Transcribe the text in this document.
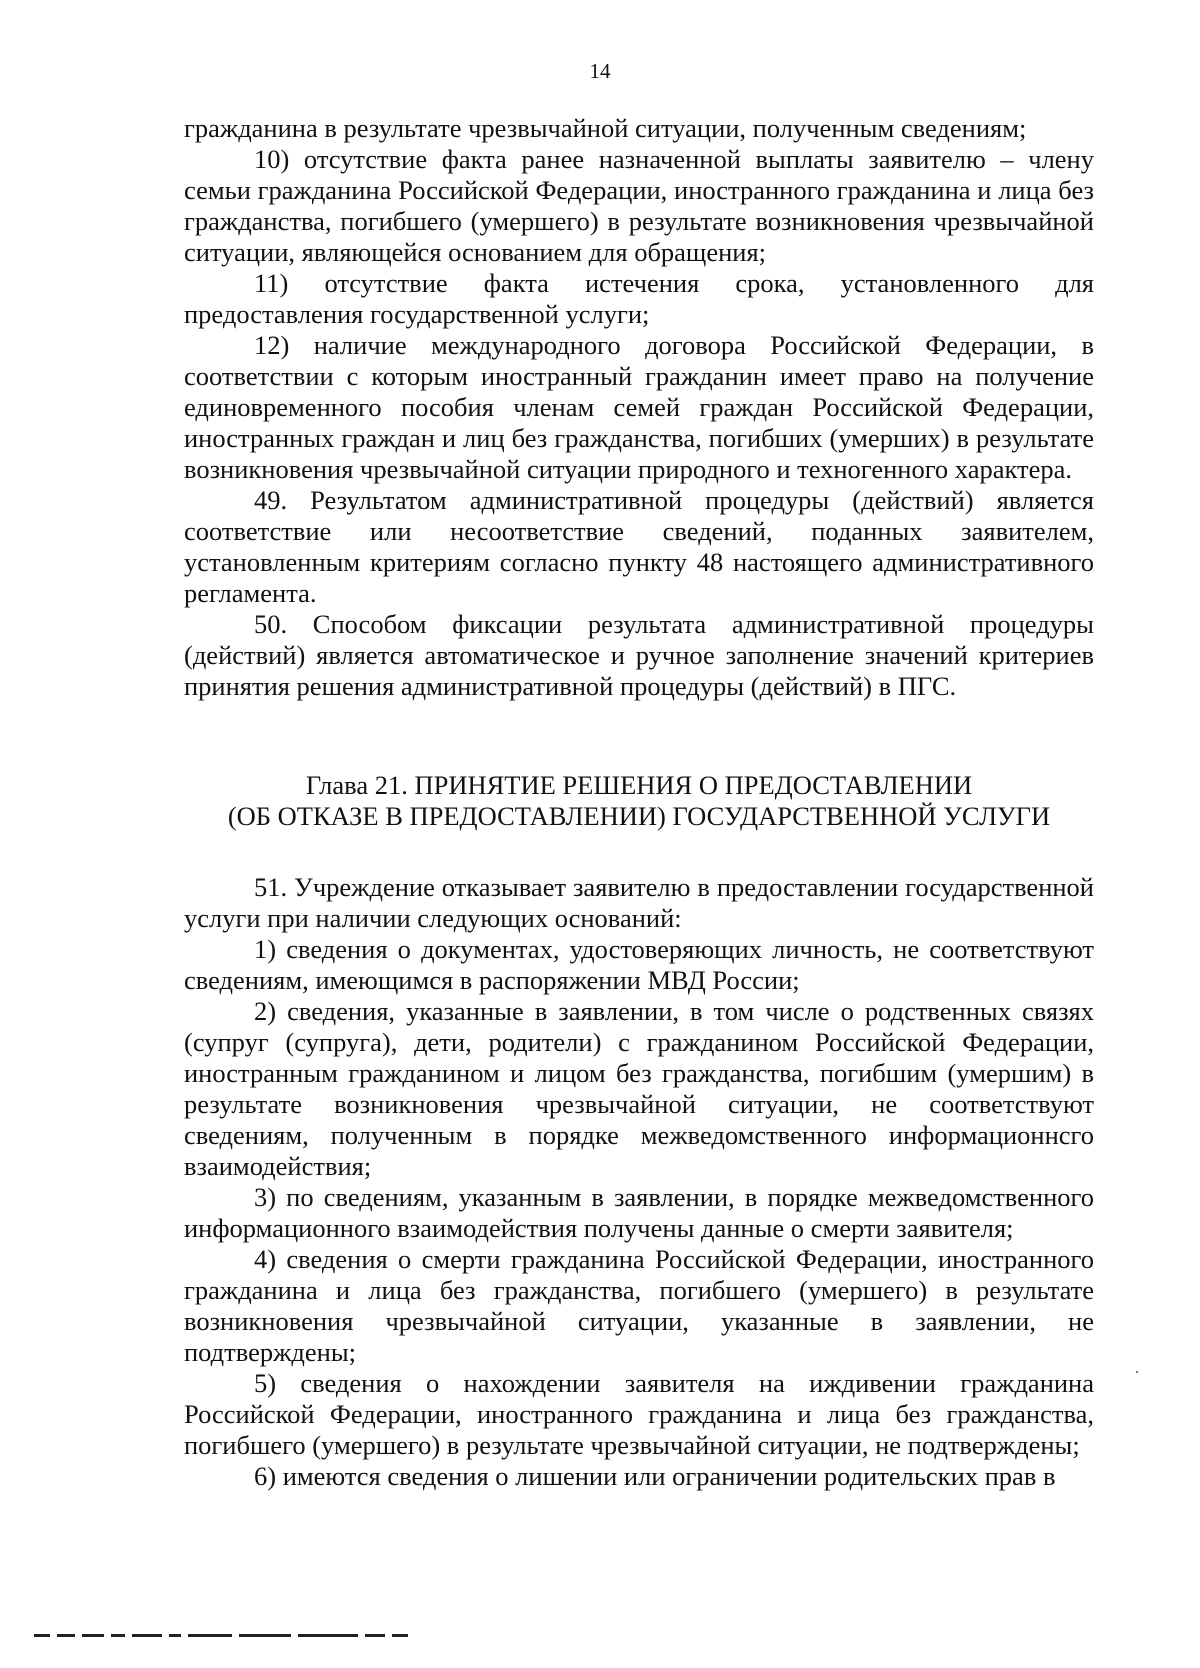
14

гражданина в результате чрезвычайной ситуации, полученным сведениям;

10) отсутствие факта ранее назначенной выплаты заявителю – члену семьи гражданина Российской Федерации, иностранного гражданина и лица без гражданства, погибшего (умершего) в результате возникновения чрезвычайной ситуации, являющейся основанием для обращения;

11) отсутствие факта истечения срока, установленного для предоставления государственной услуги;

12) наличие международного договора Российской Федерации, в соответствии с которым иностранный гражданин имеет право на получение единовременного пособия членам семей граждан Российской Федерации, иностранных граждан и лиц без гражданства, погибших (умерших) в результате возникновения чрезвычайной ситуации природного и техногенного характера.

49. Результатом административной процедуры (действий) является соответствие или несоответствие сведений, поданных заявителем, установленным критериям согласно пункту 48 настоящего административного регламента.

50. Способом фиксации результата административной процедуры (действий) является автоматическое и ручное заполнение значений критериев принятия решения административной процедуры (действий) в ПГС.

Глава 21. ПРИНЯТИЕ РЕШЕНИЯ О ПРЕДОСТАВЛЕНИИ
(ОБ ОТКАЗЕ В ПРЕДОСТАВЛЕНИИ) ГОСУДАРСТВЕННОЙ УСЛУГИ

51. Учреждение отказывает заявителю в предоставлении государственной услуги при наличии следующих оснований:

1) сведения о документах, удостоверяющих личность, не соответствуют сведениям, имеющимся в распоряжении МВД России;

2) сведения, указанные в заявлении, в том числе о родственных связях (супруг (супруга), дети, родители) с гражданином Российской Федерации, иностранным гражданином и лицом без гражданства, погибшим (умершим) в результате возникновения чрезвычайной ситуации, не соответствуют сведениям, полученным в порядке межведомственного информационнсго взаимодействия;

3) по сведениям, указанным в заявлении, в порядке межведомственного информационного взаимодействия получены данные о смерти заявителя;

4) сведения о смерти гражданина Российской Федерации, иностранного гражданина и лица без гражданства, погибшего (умершего) в результате возникновения чрезвычайной ситуации, указанные в заявлении, не подтверждены;

5) сведения о нахождении заявителя на иждивении гражданина Российской Федерации, иностранного гражданина и лица без гражданства, погибшего (умершего) в результате чрезвычайной ситуации, не подтверждены;

6) имеются сведения о лишении или ограничении родительских прав в
